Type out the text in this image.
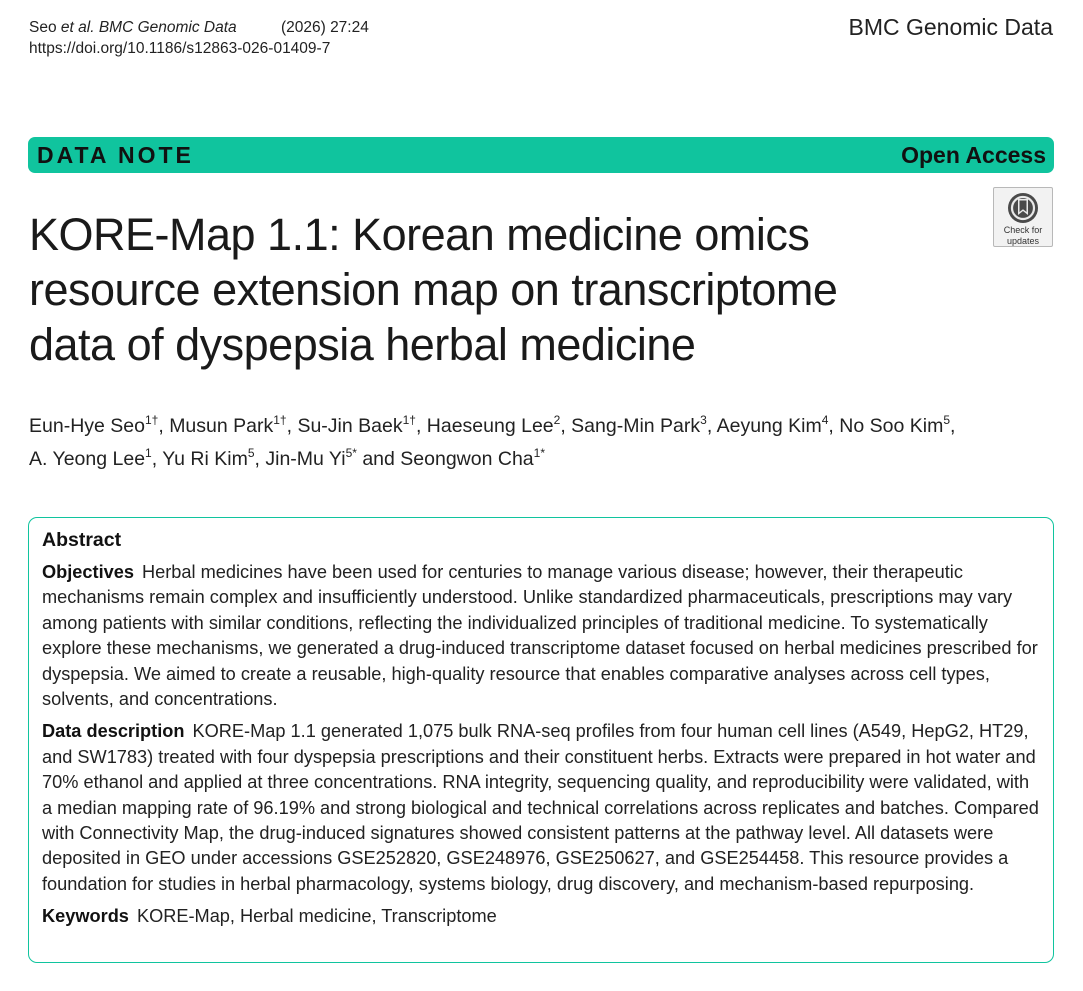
Seo et al. BMC Genomic Data	(2026) 27:24
https://doi.org/10.1186/s12863-026-01409-7
BMC Genomic Data
DATA NOTE	Open Access
KORE-Map 1.1: Korean medicine omics resource extension map on transcriptome data of dyspepsia herbal medicine
Check for
updates
Eun-Hye Seo$^{1\dagger}$, Musun Park$^{1\dagger}$, Su-Jin Baek$^{1\dagger}$, Haeseung Lee$^2$, Sang-Min Park$^3$, Aeyung Kim$^4$, No Soo Kim$^5$,
A. Yeong Lee$^1$, Yu Ri Kim$^5$, Jin-Mu $Yi^{5*}$ and Seongwon Cha$^{1*}$
Abstract

Objectives Herbal medicines have been used for centuries to manage various disease; however, their therapeutic mechanisms remain complex and insufficiently understood. Unlike standardized pharmaceuticals, prescriptions may vary among patients with similar conditions, reflecting the individualized principles of traditional medicine. To systematically explore these mechanisms, we generated a drug-induced transcriptome dataset focused on herbal medicines prescribed for dyspepsia. We aimed to create a reusable, high-quality resource that enables comparative analyses across cell types, solvents, and concentrations.

Data description KORE-Map 1.1 generated 1,075 bulk RNA-seq profiles from four human cell lines (A549, HepG2, HT29, and SW1783) treated with four dyspepsia prescriptions and their constituent herbs. Extracts were prepared in hot water and 70% ethanol and applied at three concentrations. RNA integrity, sequencing quality, and reproducibility were validated, with a median mapping rate of 96.19% and strong biological and technical correlations across replicates and batches. Compared with Connectivity Map, the drug-induced signatures showed consistent patterns at the pathway level. All datasets were deposited in GEO under accessions GSE252820, GSE248976, GSE250627, and GSE254458. This resource provides a foundation for studies in herbal pharmacology, systems biology, drug discovery, and mechanism-based repurposing.

Keywords KORE-Map, Herbal medicine, Transcriptome
